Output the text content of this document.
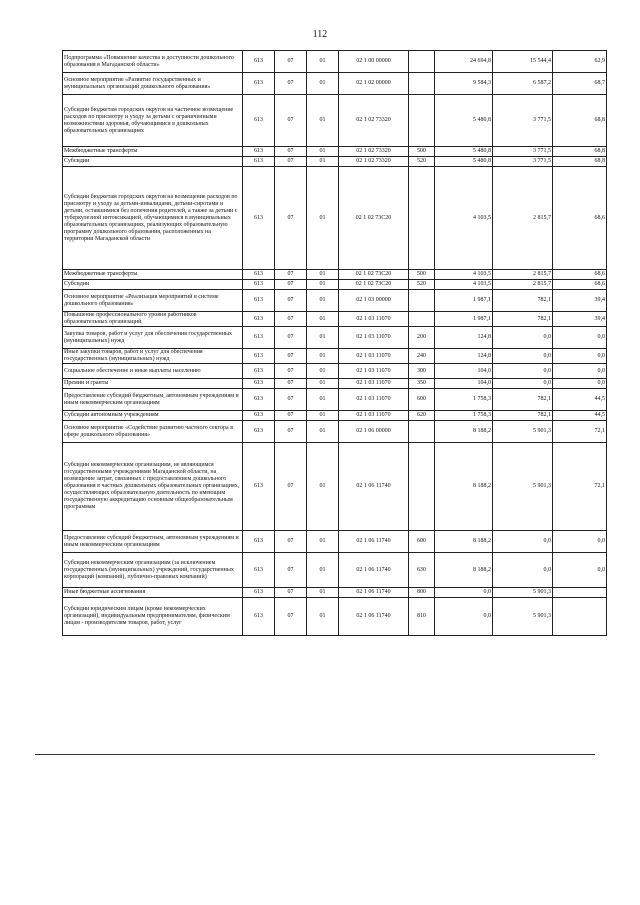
112
Подпрограмма «Повышение качества и доступности дошкольного образования в Магаданской области»	613	07	01	02 1 00 00000		24 694,8	15 544,4	62,9
Основное мероприятие «Развитие государственных и муниципальных организаций дошкольного образования»	613	07	01	02 1 02 00000		9 584,3	6 587,2	68,7
Субсидии бюджетам городских округов на частичное возмещение расходов по присмотру и уходу за детьми с ограниченными возможностями здоровья, обучающимися в дошкольных образовательных организациях	613	07	01	02 1 02 73320		5 480,8	3 771,5	68,8
Межбюджетные трансферты	613	07	01	02 1 02 73320	500	5 480,8	3 771,5	68,8
Субсидии	613	07	01	02 1 02 73320	520	5 480,8	3 771,5	68,8
Субсидии бюджетам городских округов на возмещение расходов по присмотру и уходу за детьми-инвалидами, детьми-сиротами и детьми, оставшимися без попечения родителей, а также за детьми с туберкулезной интоксикацией, обучающимися в муниципальных образовательных организациях, реализующих образовательную программу дошкольного образования, расположенных на территории Магаданской области	613	07	01	02 1 02 73С20		4 103,5	2 815,7	68,6
Межбюджетные трансферты	613	07	01	02 1 02 73С20	500	4 103,5	2 815,7	68,6
Субсидии	613	07	01	02 1 02 73С20	520	4 103,5	2 815,7	68,6
Основное мероприятие «Реализация мероприятий в системе дошкольного образования»	613	07	01	02 1 03 00000		1 987,1	782,1	39,4
Повышение профессионального уровня работников образовательных организаций	613	07	01	02 1 03 11070		1 987,1	782,1	39,4
Закупка товаров, работ и услуг для обеспечения государственных (муниципальных) нужд	613	07	01	02 1 03 11070	200	124,8	0,0	0,0
Иные закупки товаров, работ и услуг для обеспечения государственных (муниципальных) нужд	613	07	01	02 1 03 11070	240	124,8	0,0	0,0
Социальное обеспечение и иные выплаты населению	613	07	01	02 1 03 11070	300	104,0	0,0	0,0
Премии и гранты	613	07	01	02 1 03 11070	350	104,0	0,0	0,0
Предоставление субсидий бюджетным, автономным учреждениям и иным некоммерческим организациям	613	07	01	02 1 03 11070	600	1 758,3	782,1	44,5
Субсидии автономным учреждениям	613	07	01	02 1 03 11070	620	1 758,3	782,1	44,5
Основное мероприятие «Содействие развитию частного сектора в сфере дошкольного образования»	613	07	01	02 1 06 00000		8 188,2	5 901,3	72,1
Субсидии некоммерческим организациям, не являющимся государственными учреждениями Магаданской области, на возмещение затрат, связанных с предоставлением дошкольного образования в частных дошкольных образовательных организациях, осуществляющих образовательную деятельность по имеющим государственную аккредитацию основным общеобразовательным программам	613	07	01	02 1 06 11740		8 188,2	5 901,3	72,1
Предоставление субсидий бюджетным, автономным учреждениям и иным некоммерческим организациям	613	07	01	02 1 06 11740	600	8 188,2	0,0	0,0
Субсидии некоммерческим организациям (за исключением государственных (муниципальных) учреждений, государственных корпораций (компаний), публично-правовых компаний)	613	07	01	02 1 06 11740	630	8 188,2	0,0	0,0
Иные бюджетные ассигнования	613	07	01	02 1 06 11740	800	0,0	5 901,3	
Субсидии юридическим лицам (кроме некоммерческих организаций), индивидуальным предпринимателям, физическим лицам - производителям товаров, работ, услуг	613	07	01	02 1 06 11740	810	0,0	5 901,3	
